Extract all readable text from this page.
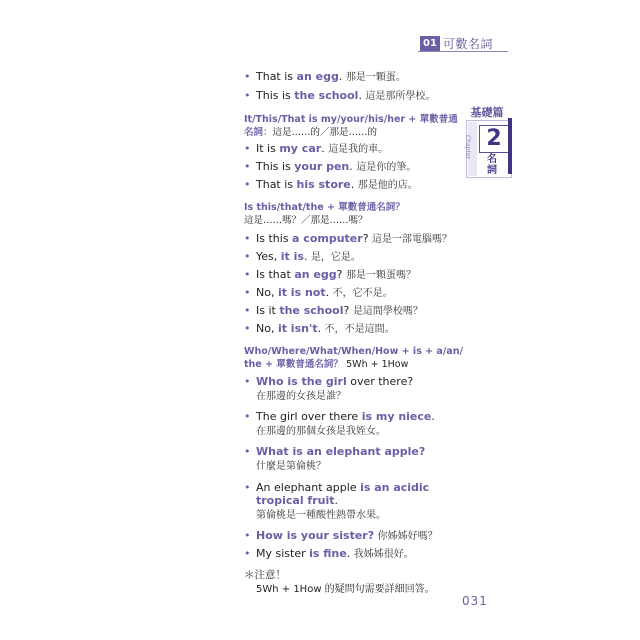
01 可數名詞
基礎篇
Chapter 2
名詞
• That is an egg. 那是一顆蛋。
• This is the school. 這是那所學校。
It/This/That is my/your/his/her + 單數普通
名詞：這是……的／那是……的
• It is my car. 這是我的車。
• This is your pen. 這是你的筆。
• That is his store. 那是他的店。
Is this/that/the + 單數普通名詞？
這是……嗎？／那是……嗎？
• Is this a computer? 這是一部電腦嗎？
• Yes, it is. 是，它是。
• Is that an egg? 那是一顆蛋嗎？
• No, it is not. 不，它不是。
• Is it the school? 是這間學校嗎？
• No, it isn't. 不，不是這間。
Who/Where/What/When/How + is + a/an/
the + 單數普通名詞？ 5Wh + 1How
• Who is the girl over there?
在那邊的女孩是誰？
• The girl over there is my niece.
在那邊的那個女孩是我姪女。
• What is an elephant apple?
什麼是第倫桃？
• An elephant apple is an acidic
tropical fruit.
第倫桃是一種酸性熱帶水果。
• How is your sister? 你姊姊好嗎？
• My sister is fine. 我姊姊很好。
＊注意！
5Wh + 1How 的疑問句需要詳細回答。
031
